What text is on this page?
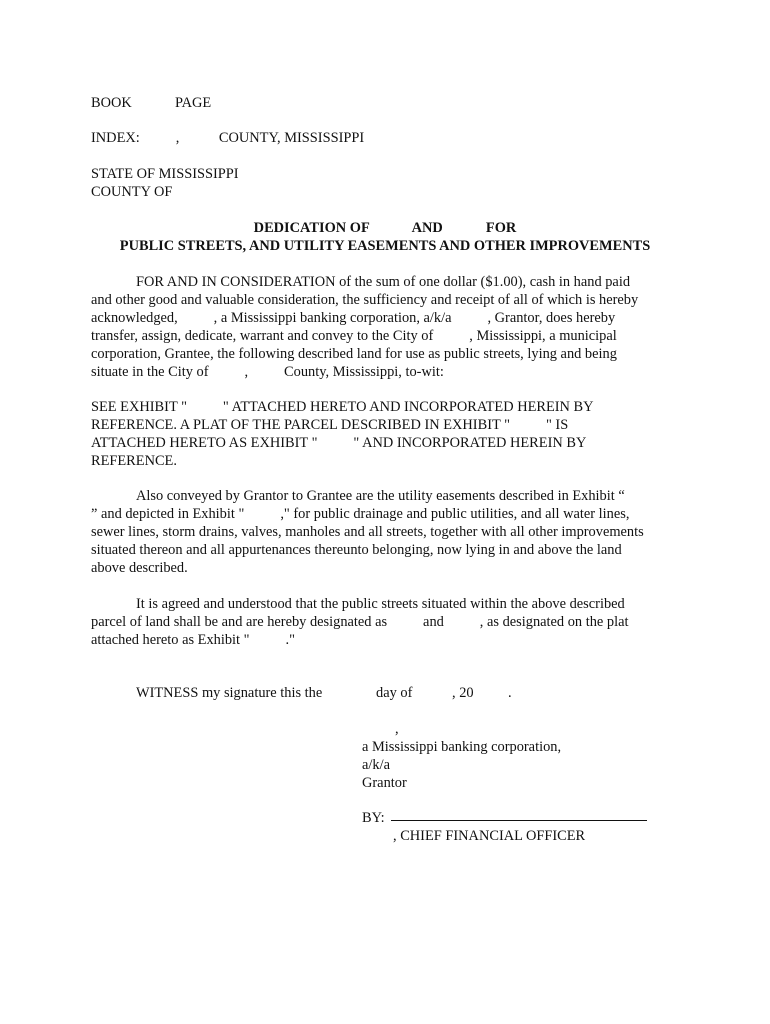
BOOK            PAGE
INDEX:          ,           COUNTY, MISSISSIPPI
STATE OF MISSISSIPPI
COUNTY OF
DEDICATION OF            AND            FOR
PUBLIC STREETS, AND UTILITY EASEMENTS AND OTHER IMPROVEMENTS
FOR AND IN CONSIDERATION of the sum of one dollar ($1.00), cash in hand paid
and other good and valuable consideration, the sufficiency and receipt of all of which is hereby
acknowledged,          , a Mississippi banking corporation, a/k/a          , Grantor, does hereby
transfer, assign, dedicate, warrant and convey to the City of          , Mississippi, a municipal
corporation, Grantee, the following described land for use as public streets, lying and being
situate in the City of          ,          County, Mississippi, to-wit:
SEE EXHIBIT "          " ATTACHED HERETO AND INCORPORATED HEREIN BY
REFERENCE. A PLAT OF THE PARCEL DESCRIBED IN EXHIBIT "          " IS
ATTACHED HERETO AS EXHIBIT "          " AND INCORPORATED HEREIN BY
REFERENCE.
Also conveyed by Grantor to Grantee are the utility easements described in Exhibit “
” and depicted in Exhibit "          ," for public drainage and public utilities, and all water lines,
sewer lines, storm drains, valves, manholes and all streets, together with all other improvements
situated thereon and all appurtenances thereunto belonging, now lying in and above the land
above described.
It is agreed and understood that the public streets situated within the above described
parcel of land shall be and are hereby designated as          and          , as designated on the plat
attached hereto as Exhibit "          ."
WITNESS my signature this the	day of	, 20 .
,
a Mississippi banking corporation,
a/k/a
Grantor
BY:
, CHIEF FINANCIAL OFFICER
